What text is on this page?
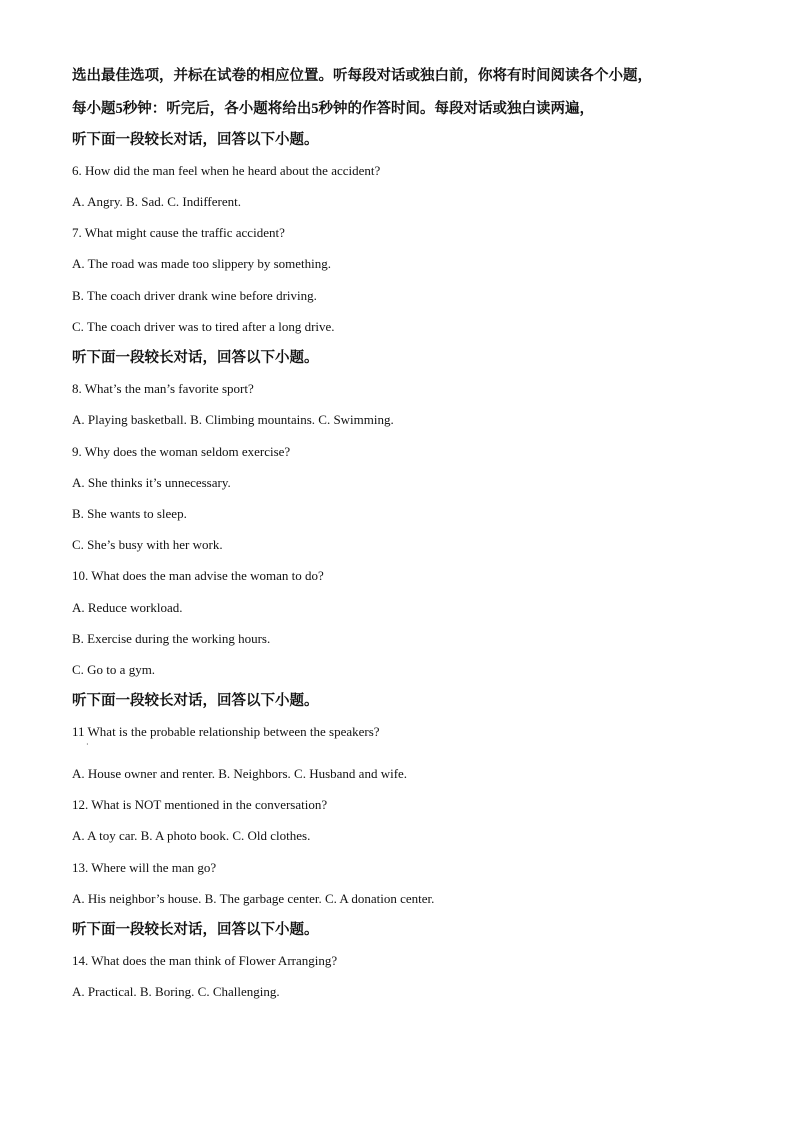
选出最佳选项，并标在试卷的相应位置。听每段对话或独白前，你将有时间阅读各个小题，
每小题5秒钟：听完后，各小题将给出5秒钟的作答时间。每段对话或独白读两遍，
听下面一段较长对话，回答以下小题。
6. How did the man feel when he heard about the accident?
A. Angry. B. Sad. C. Indifferent.
7. What might cause the traffic accident?
A. The road was made too slippery by something.
B. The coach driver drank wine before driving.
C. The coach driver was to tired after a long drive.
听下面一段较长对话，回答以下小题。
8. What’s the man’s favorite sport?
A. Playing basketball. B. Climbing mountains. C. Swimming.
9. Why does the woman seldom exercise?
A. She thinks it’s unnecessary.
B. She wants to sleep.
C. She’s busy with her work.
10. What does the man advise the woman to do?
A. Reduce workload.
B. Exercise during the working hours.
C. Go to a gym.
听下面一段较长对话，回答以下小题。
11 What is the probable relationship between the speakers?
·
A. House owner and renter. B. Neighbors. C. Husband and wife.
12. What is NOT mentioned in the conversation?
A. A toy car. B. A photo book. C. Old clothes.
13. Where will the man go?
A. His neighbor’s house. B. The garbage center. C. A donation center.
听下面一段较长对话，回答以下小题。
14. What does the man think of Flower Arranging?
A. Practical. B. Boring. C. Challenging.
